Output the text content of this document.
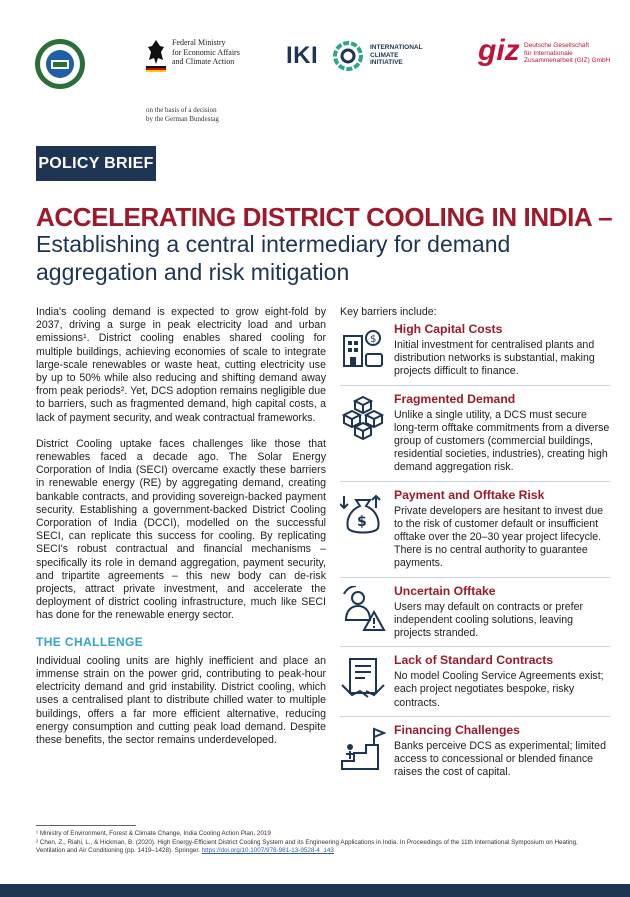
Federal Ministry
for Economic Affairs
and Climate Action
on the basis of a decision
by the German Bundestag
IKI	INTERNATIONAL
CLIMATE
INITIATIVE	giz Deutsche Gesellschaft
für Internationale
Zusammenarbeit (GIZ) GmbH
POLICY BRIEF
ACCELERATING DISTRICT COOLING IN INDIA –
Establishing a central intermediary for demand aggregation and risk mitigation

India's cooling demand is expected to grow eight-fold by 2037, driving a surge in peak electricity load and urban emissions¹. District cooling enables shared cooling for multiple buildings, achieving economies of scale to integrate large-scale renewables or waste heat, cutting electricity use by up to 50% while also reducing and shifting demand away from peak periods². Yet, DCS adoption remains negligible due to barriers, such as fragmented demand, high capital costs, a lack of payment security, and weak contractual frameworks.

District Cooling uptake faces challenges like those that renewables faced a decade ago. The Solar Energy Corporation of India (SECI) overcame exactly these barriers in renewable energy (RE) by aggregating demand, creating bankable contracts, and providing sovereign-backed payment security. Establishing a government-backed District Cooling Corporation of India (DCCI), modelled on the successful SECI, can replicate this success for cooling. By replicating SECI's robust contractual and financial mechanisms – specifically its role in demand aggregation, payment security, and tripartite agreements – this new body can de-risk projects, attract private investment, and accelerate the deployment of district cooling infrastructure, much like SECI has done for the renewable energy sector.

THE CHALLENGE

Individual cooling units are highly inefficient and place an immense strain on the power grid, contributing to peak-hour electricity demand and grid instability. District cooling, which uses a centralised plant to distribute chilled water to multiple buildings, offers a far more efficient alternative, reducing energy consumption and cutting peak load demand. Despite these benefits, the sector remains underdeveloped.

Key barriers include:
$
High Capital Costs

Initial investment for centralised plants and distribution networks is substantial, making projects difficult to finance.

Fragmented Demand

Unlike a single utility, a DCS must secure long-term offtake commitments from a diverse group of customers (commercial buildings, residential societies, industries), creating high demand aggregation risk.

$
Payment and Offtake Risk

Private developers are hesitant to invest due to the risk of customer default or insufficient offtake over the 20–30 year project lifecycle. There is no central authority to guarantee payments.

Uncertain Offtake

Users may default on contracts or prefer independent cooling solutions, leaving projects stranded.

Lack of Standard Contracts

No model Cooling Service Agreements exist; each project negotiates bespoke, risky contracts.

Financing Challenges

Banks perceive DCS as experimental; limited access to concessional or blended finance raises the cost of capital.

¹ Ministry of Environment, Forest & Climate Change, India Cooling Action Plan, 2019
² Chen, Z., Riahi, L., & Hickman, B. (2020). High Energy-Efficient District Cooling System and its Engineering Applications in India. In Proceedings of the 11th International Symposium on Heating, Ventilation and Air Conditioning (pp. 1419–1428). Springer. https://doi.org/10.1007/978-981-13-9528-4_143
